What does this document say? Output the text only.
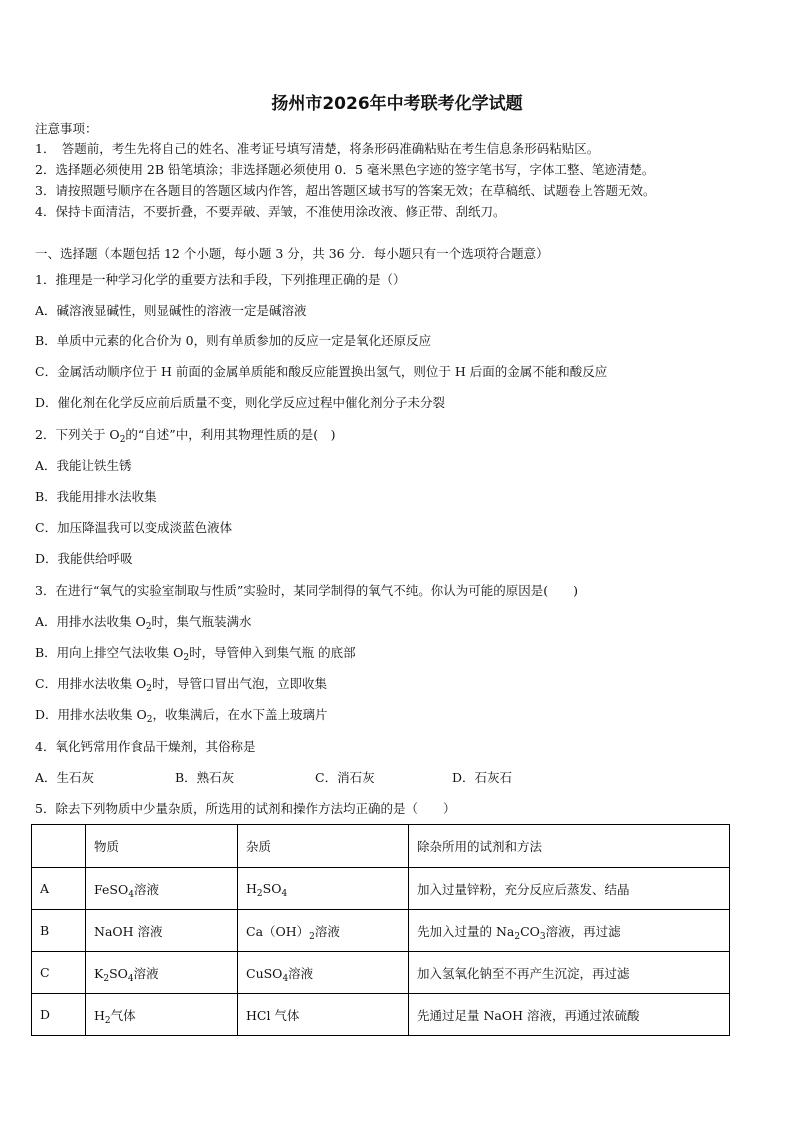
扬州市2026年中考联考化学试题
注意事项：
1．　答题前，考生先将自己的姓名、准考证号填写清楚，将条形码准确粘贴在考生信息条形码粘贴区。
2．选择题必须使用 2B 铅笔填涂；非选择题必须使用 0．5 毫米黑色字迹的签字笔书写，字体工整、笔迹清楚。
3．请按照题号顺序在各题目的答题区域内作答，超出答题区域书写的答案无效；在草稿纸、试题卷上答题无效。
4．保持卡面清洁，不要折叠，不要弄破、弄皱，不准使用涂改液、修正带、刮纸刀。
一、选择题（本题包括 12 个小题，每小题 3 分，共 36 分．每小题只有一个选项符合题意）
1．推理是一种学习化学的重要方法和手段，下列推理正确的是（）
A．碱溶液显碱性，则显碱性的溶液一定是碱溶液
B．单质中元素的化合价为 0，则有单质参加的反应一定是氧化还原反应
C．金属活动顺序位于 H 前面的金属单质能和酸反应能置换出氢气，则位于 H 后面的金属不能和酸反应
D．催化剂在化学反应前后质量不变，则化学反应过程中催化剂分子未分裂
2．下列关于 $O_2$的“自述”中，利用其物理性质的是(　)
A．我能让铁生锈
B．我能用排水法收集
C．加压降温我可以变成淡蓝色液体
D．我能供给呼吸
3．在进行“氧气的实验室制取与性质”实验时，某同学制得的氧气不纯。你认为可能的原因是(　　)
A．用排水法收集 $O_2$时，集气瓶装满水
B．用向上排空气法收集 $O_2$时，导管伸入到集气瓶 的底部
C．用排水法收集 $O_2$时，导管口冒出气泡，立即收集
D．用排水法收集 $O_2$，收集满后，在水下盖上玻璃片
4．氧化钙常用作食品干燥剂，其俗称是
A．生石灰	B．熟石灰	C．消石灰	D．石灰石
5．除去下列物质中少量杂质，所选用的试剂和操作方法均正确的是（　　）
	物质	杂质	除杂所用的试剂和方法
A	FeSO$_4$溶液	$H_2SO_4$	加入过量锌粉，充分反应后蒸发、结晶
B	NaOH 溶液	$Ca(OH)_2$溶液	先加入过量的 $Na_2CO_3$溶液，再过滤
C	$K_2SO_4$溶液	CuSO$_4$溶液	加入氢氧化钠至不再产生沉淀，再过滤
D	$H_2$气体	HCl 气体	先通过足量 NaOH 溶液，再通过浓硫酸
